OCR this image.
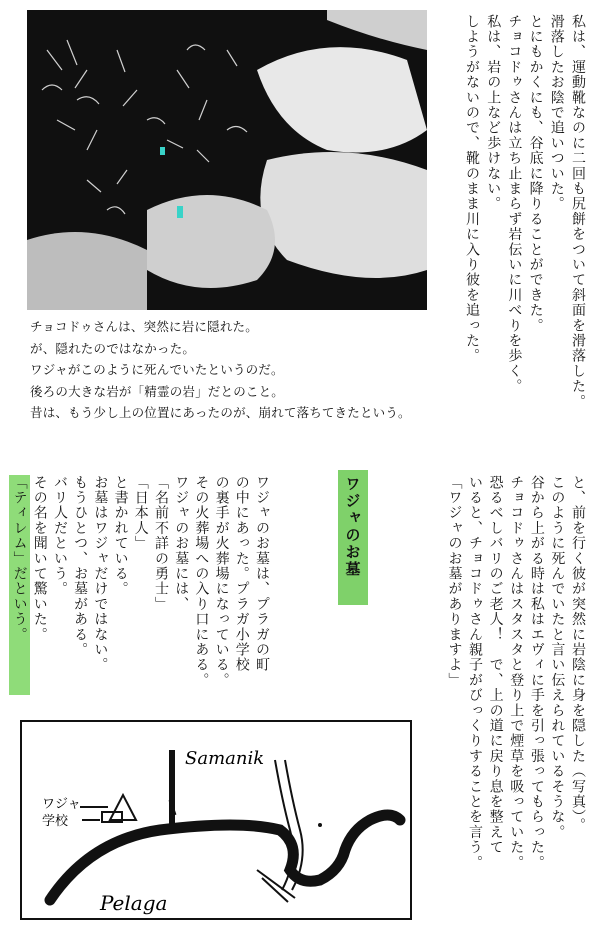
チョコドゥさんは、突然に岩に隠れた。
が、隠れたのではなかった。
ワジャがこのように死んでいたというのだ。
後ろの大きな岩が「精霊の岩」だとのこと。
昔は、もう少し上の位置にあったのが、崩れて落ちてきたという。

私は、運動靴なのに二回も尻餅をついて斜面を滑落した。

滑落したお陰で追いついた。

とにもかくにも、谷底に降りることができた。

チョコドゥさんは立ち止まらず岩伝いに川べりを歩く。

私は、岩の上など歩けない。

しようがないので、靴のまま川に入り彼を追った。

と、前を行く彼が突然に岩陰に身を隠した（写真）。

このように死んでいたと言い伝えられているそうな。

谷から上がる時は私はエヴィに手を引っ張ってもらった。

チョコドゥさんはスタスタと登り上で煙草を吸っていた。

恐るべしバリのご老人！　で、上の道に戻り息を整えて

いると、チョコドゥさん親子がびっくりすることを言う。

「ワジャのお墓がありますよ」

ワジャのお墓

ワジャのお墓は、プラガの町

の中にあった。プラガ小学校

の裏手が火葬場になっている。

その火葬場への入り口にある。

ワジャのお墓には、

「名前不詳の勇士」

「日本人」

と書かれている。

お墓はワジャだけではない。

もうひとつ、お墓がある。

バリ人だという。

その名を聞いて驚いた。

「ティレム」だという。

Samanik
Pelaga
ワジャ
学校
